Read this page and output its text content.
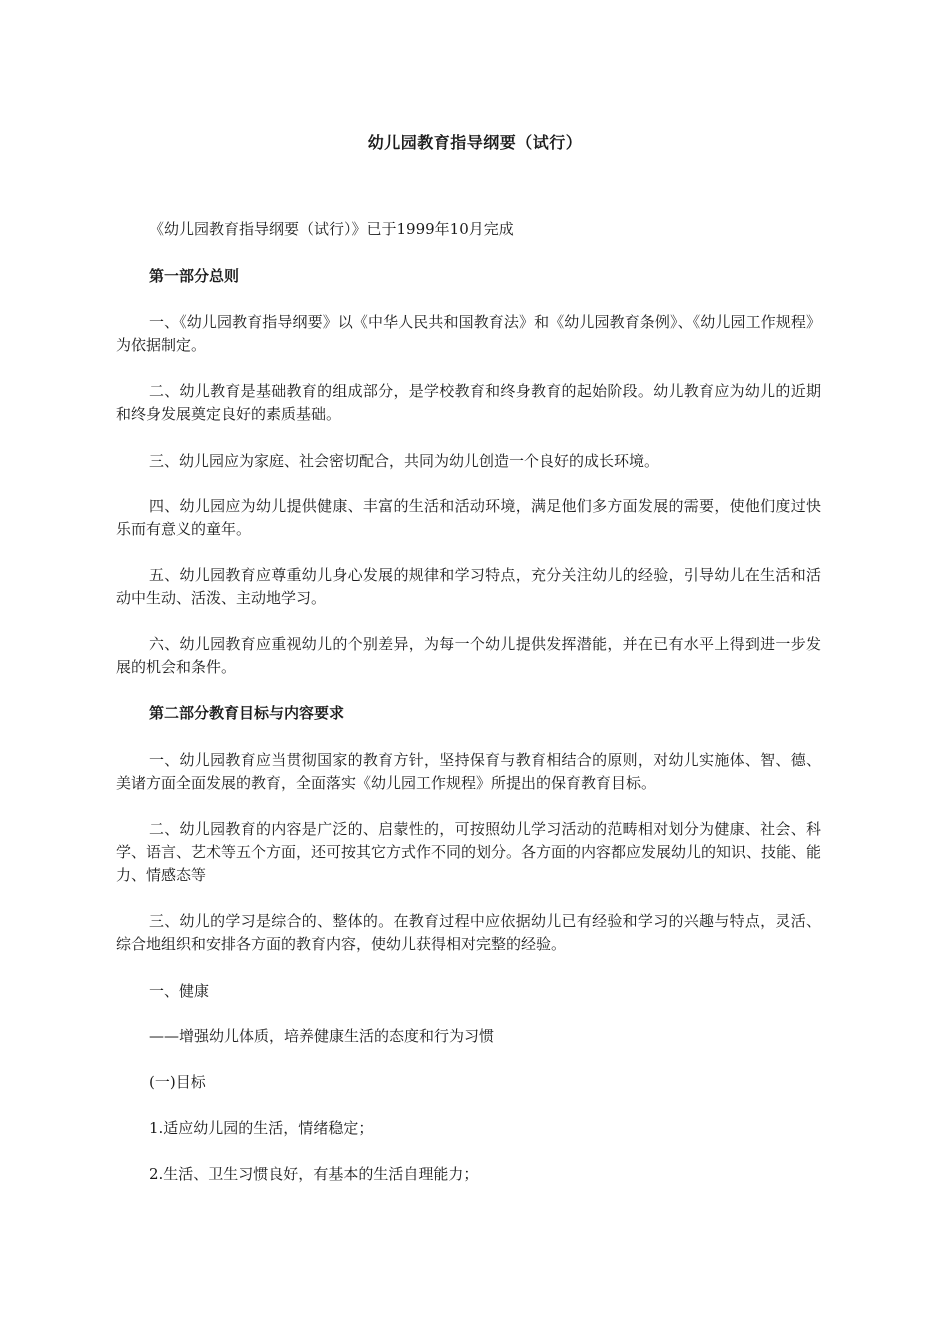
幼儿园教育指导纲要（试行）

《幼儿园教育指导纲要（试行）》已于1999年10月完成

第一部分总则

一、《幼儿园教育指导纲要》以《中华人民共和国教育法》和《幼儿园教育条例》、《幼儿园工作规程》为依据制定。

二、幼儿教育是基础教育的组成部分，是学校教育和终身教育的起始阶段。幼儿教育应为幼儿的近期和终身发展奠定良好的素质基础。

三、幼儿园应为家庭、社会密切配合，共同为幼儿创造一个良好的成长环境。

四、幼儿园应为幼儿提供健康、丰富的生活和活动环境，满足他们多方面发展的需要，使他们度过快乐而有意义的童年。

五、幼儿园教育应尊重幼儿身心发展的规律和学习特点，充分关注幼儿的经验，引导幼儿在生活和活动中生动、活泼、主动地学习。

六、幼儿园教育应重视幼儿的个别差异，为每一个幼儿提供发挥潜能，并在已有水平上得到进一步发展的机会和条件。

第二部分教育目标与内容要求

一、幼儿园教育应当贯彻国家的教育方针，坚持保育与教育相结合的原则，对幼儿实施体、智、德、美诸方面全面发展的教育，全面落实《幼儿园工作规程》所提出的保育教育目标。

二、幼儿园教育的内容是广泛的、启蒙性的，可按照幼儿学习活动的范畴相对划分为健康、社会、科学、语言、艺术等五个方面，还可按其它方式作不同的划分。各方面的内容都应发展幼儿的知识、技能、能力、情感态等

三、幼儿的学习是综合的、整体的。在教育过程中应依据幼儿已有经验和学习的兴趣与特点，灵活、综合地组织和安排各方面的教育内容，使幼儿获得相对完整的经验。

一、健康

——增强幼儿体质，培养健康生活的态度和行为习惯

(一)目标

1.适应幼儿园的生活，情绪稳定；

2.生活、卫生习惯良好，有基本的生活自理能力；
